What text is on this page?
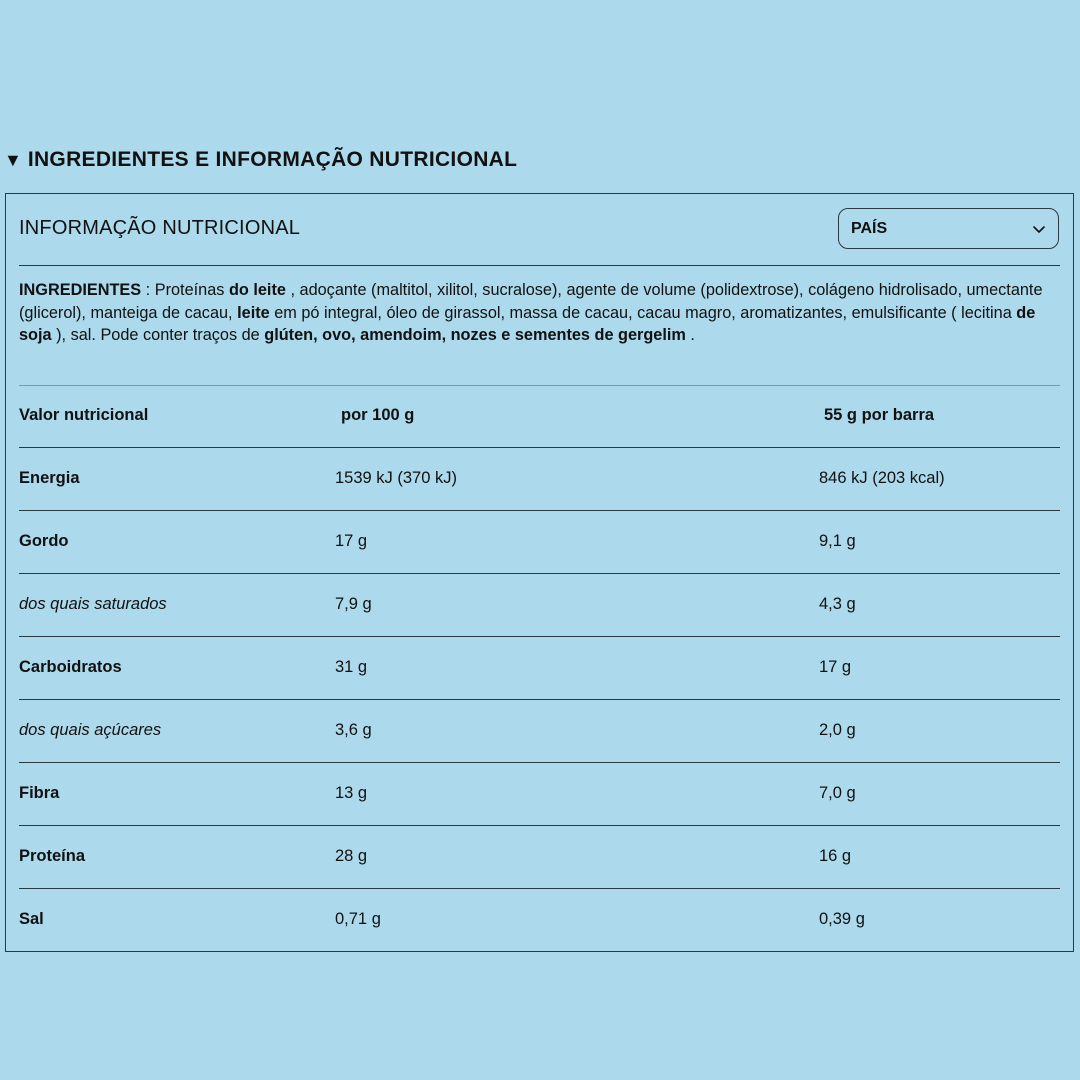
▼ INGREDIENTES E INFORMAÇÃO NUTRICIONAL
INFORMAÇÃO NUTRICIONAL	PAÍS
INGREDIENTES : Proteínas do leite , adoçante (maltitol, xilitol, sucralose), agente de volume (polidextrose), colágeno hidrolisado, umectante (glicerol), manteiga de cacau, leite em pó integral, óleo de girassol, massa de cacau, cacau magro, aromatizantes, emulsificante ( lecitina de soja ), sal. Pode conter traços de glúten, ovo, amendoim, nozes e sementes de gergelim .
Valor nutricional	por 100 g	55 g por barra
Energia	1539 kJ (370 kJ)	846 kJ (203 kcal)
Gordo	17 g	9,1 g
dos quais saturados	7,9 g	4,3 g
Carboidratos	31 g	17 g
dos quais açúcares	3,6 g	2,0 g
Fibra	13 g	7,0 g
Proteína	28 g	16 g
Sal	0,71 g	0,39 g
